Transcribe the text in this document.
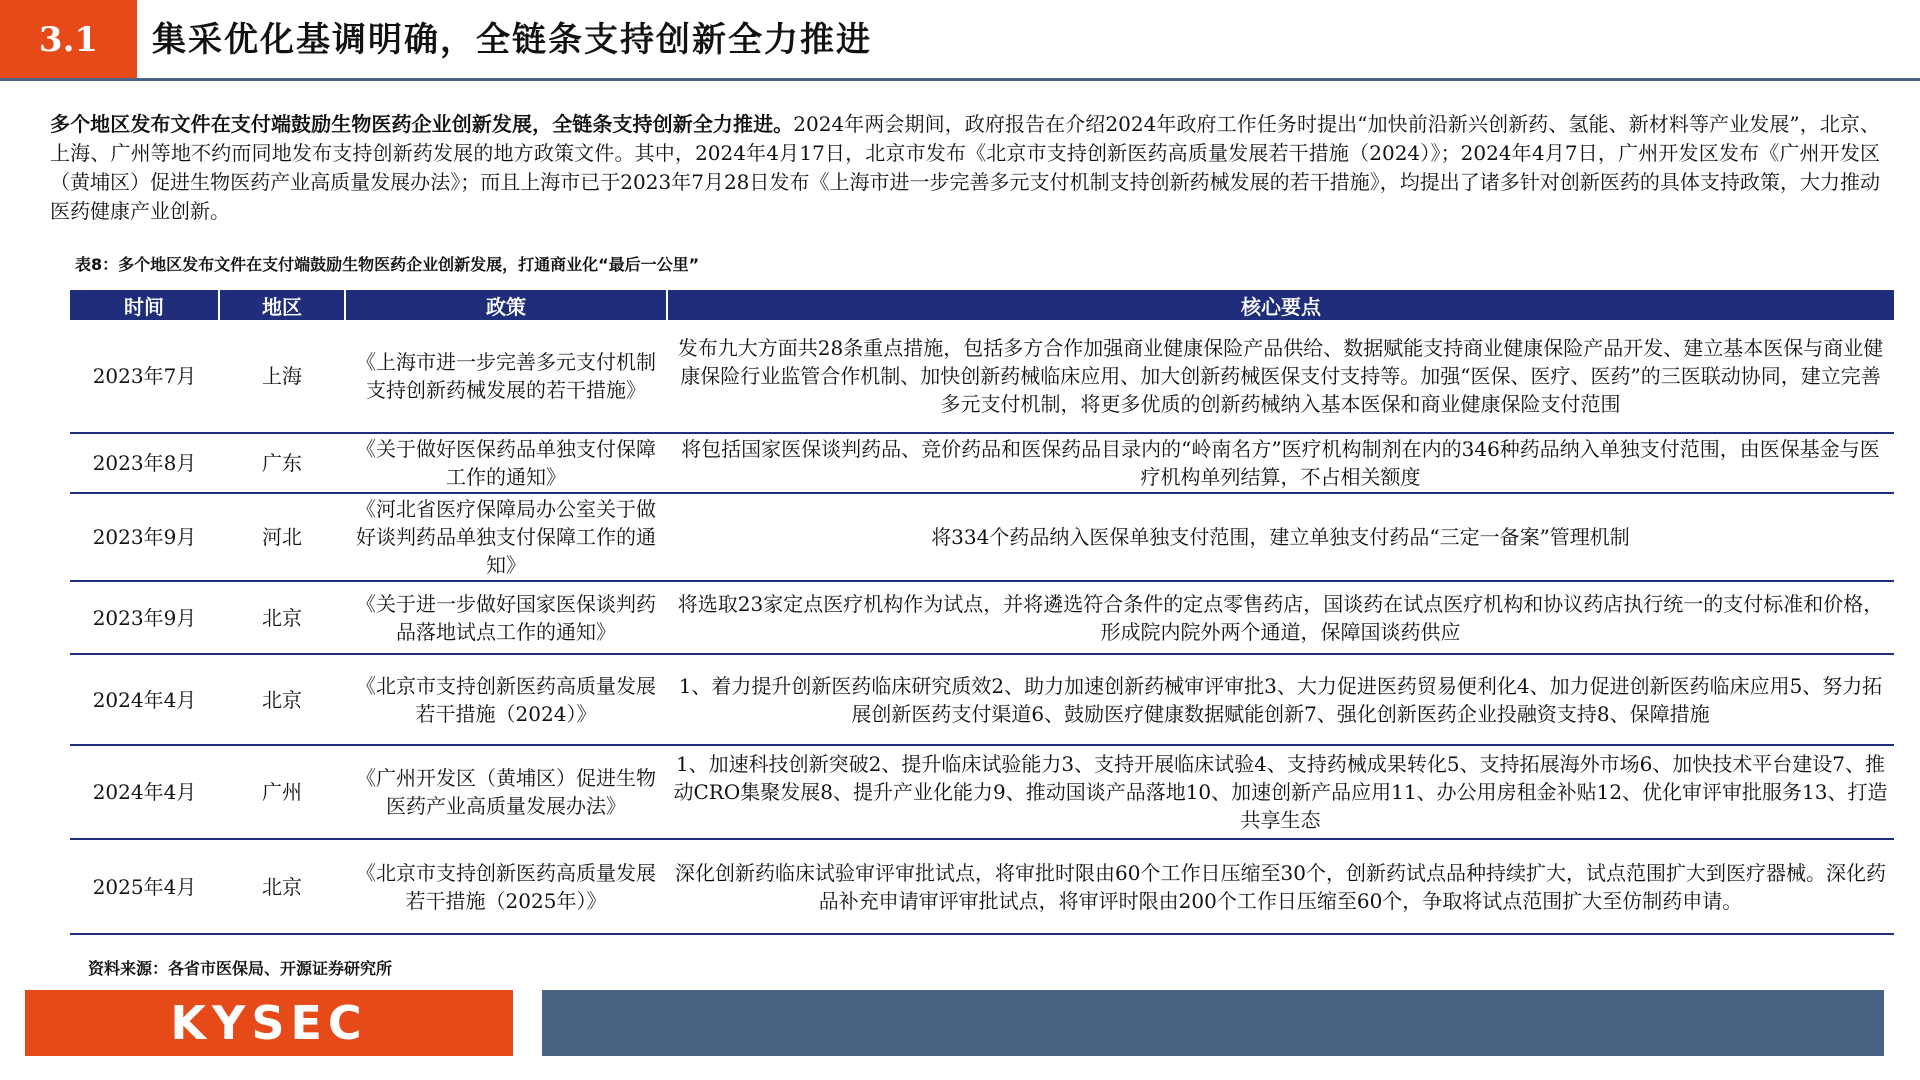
3.1	集采优化基调明确，全链条支持创新全力推进
多个地区发布文件在支付端鼓励生物医药企业创新发展，全链条支持创新全力推进。2024年两会期间，政府报告在介绍2024年政府工作任务时提出“加快前沿新兴创新药、氢能、新材料等产业发展”，北京、上海、广州等地不约而同地发布支持创新药发展的地方政策文件。其中，2024年4月17日，北京市发布《北京市支持创新医药高质量发展若干措施（2024）》；2024年4月7日，广州开发区发布《广州开发区（黄埔区）促进生物医药产业高质量发展办法》；而且上海市已于2023年7月28日发布《上海市进一步完善多元支付机制支持创新药械发展的若干措施》，均提出了诸多针对创新医药的具体支持政策，大力推动医药健康产业创新。
表8：多个地区发布文件在支付端鼓励生物医药企业创新发展，打通商业化“最后一公里”
时间	地区	政策	核心要点
2023年7月	上海	《上海市进一步完善多元支付机制支持创新药械发展的若干措施》	发布九大方面共28条重点措施，包括多方合作加强商业健康保险产品供给、数据赋能支持商业健康保险产品开发、建立基本医保与商业健康保险行业监管合作机制、加快创新药械临床应用、加大创新药械医保支付支持等。加强“医保、医疗、医药”的三医联动协同，建立完善多元支付机制，将更多优质的创新药械纳入基本医保和商业健康保险支付范围
2023年8月	广东	《关于做好医保药品单独支付保障工作的通知》	将包括国家医保谈判药品、竞价药品和医保药品目录内的“岭南名方”医疗机构制剂在内的346种药品纳入单独支付范围，由医保基金与医疗机构单列结算，不占相关额度
2023年9月	河北	《河北省医疗保障局办公室关于做好谈判药品单独支付保障工作的通知》	将334个药品纳入医保单独支付范围，建立单独支付药品“三定一备案”管理机制
2023年9月	北京	《关于进一步做好国家医保谈判药品落地试点工作的通知》	将选取23家定点医疗机构作为试点，并将遴选符合条件的定点零售药店，国谈药在试点医疗机构和协议药店执行统一的支付标准和价格，形成院内院外两个通道，保障国谈药供应
2024年4月	北京	《北京市支持创新医药高质量发展若干措施（2024）》	1、着力提升创新医药临床研究质效2、助力加速创新药械审评审批3、大力促进医药贸易便利化4、加力促进创新医药临床应用5、努力拓展创新医药支付渠道6、鼓励医疗健康数据赋能创新7、强化创新医药企业投融资支持8、保障措施
2024年4月	广州	《广州开发区（黄埔区）促进生物医药产业高质量发展办法》	1、加速科技创新突破2、提升临床试验能力3、支持开展临床试验4、支持药械成果转化5、支持拓展海外市场6、加快技术平台建设7、推动CRO集聚发展8、提升产业化能力9、推动国谈产品落地10、加速创新产品应用11、办公用房租金补贴12、优化审评审批服务13、打造共享生态
2025年4月	北京	《北京市支持创新医药高质量发展若干措施（2025年）》	深化创新药临床试验审评审批试点，将审批时限由60个工作日压缩至30个，创新药试点品种持续扩大，试点范围扩大到医疗器械。深化药品补充申请审评审批试点，将审评时限由200个工作日压缩至60个，争取将试点范围扩大至仿制药申请。
资料来源：各省市医保局、开源证券研究所
KYSEC
